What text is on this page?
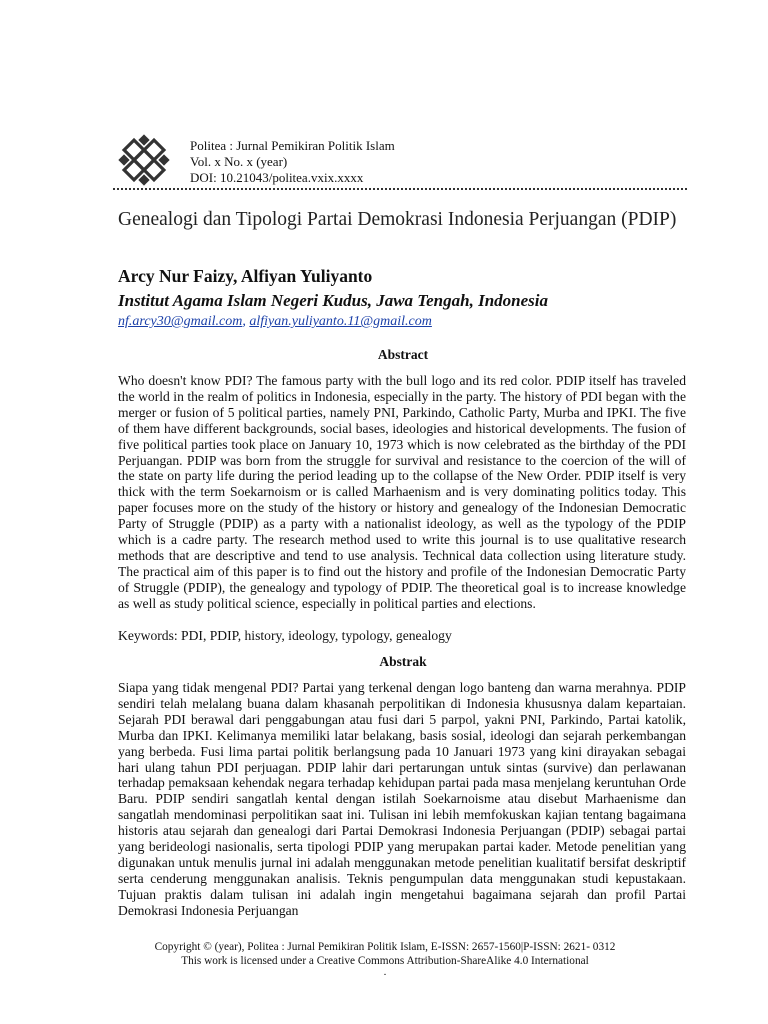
Politea : Jurnal Pemikiran Politik Islam
Vol. x No. x (year)
DOI: 10.21043/politea.vxix.xxxx
Genealogi dan Tipologi Partai Demokrasi Indonesia Perjuangan (PDIP)
Arcy Nur Faizy, Alfiyan Yuliyanto
Institut Agama Islam Negeri Kudus, Jawa Tengah, Indonesia
nf.arcy30@gmail.com, alfiyan.yuliyanto.11@gmail.com
Abstract

Who doesn't know PDI? The famous party with the bull logo and its red color. PDIP itself has traveled the world in the realm of politics in Indonesia, especially in the party. The history of PDI began with the merger or fusion of 5 political parties, namely PNI, Parkindo, Catholic Party, Murba and IPKI. The five of them have different backgrounds, social bases, ideologies and historical developments. The fusion of five political parties took place on January 10, 1973 which is now celebrated as the birthday of the PDI Perjuangan. PDIP was born from the struggle for survival and resistance to the coercion of the will of the state on party life during the period leading up to the collapse of the New Order. PDIP itself is very thick with the term Soekarnoism or is called Marhaenism and is very dominating politics today. This paper focuses more on the study of the history or history and genealogy of the Indonesian Democratic Party of Struggle (PDIP) as a party with a nationalist ideology, as well as the typology of the PDIP which is a cadre party. The research method used to write this journal is to use qualitative research methods that are descriptive and tend to use analysis. Technical data collection using literature study. The practical aim of this paper is to find out the history and profile of the Indonesian Democratic Party of Struggle (PDIP), the genealogy and typology of PDIP. The theoretical goal is to increase knowledge as well as study political science, especially in political parties and elections.

Keywords: PDI, PDIP, history, ideology, typology, genealogy
Abstrak

Siapa yang tidak mengenal PDI? Partai yang terkenal dengan logo banteng dan warna merahnya. PDIP sendiri telah melalang buana dalam khasanah perpolitikan di Indonesia khususnya dalam kepartaian. Sejarah PDI berawal dari penggabungan atau fusi dari 5 parpol, yakni PNI, Parkindo, Partai katolik, Murba dan IPKI. Kelimanya memiliki latar belakang, basis sosial, ideologi dan sejarah perkembangan yang berbeda. Fusi lima partai politik berlangsung pada 10 Januari 1973 yang kini dirayakan sebagai hari ulang tahun PDI perjuagan. PDIP lahir dari pertarungan untuk sintas (survive) dan perlawanan terhadap pemaksaan kehendak negara terhadap kehidupan partai pada masa menjelang keruntuhan Orde Baru. PDIP sendiri sangatlah kental dengan istilah Soekarnoisme atau disebut Marhaenisme dan sangatlah mendominasi perpolitikan saat ini. Tulisan ini lebih memfokuskan kajian tentang bagaimana historis atau sejarah dan genealogi dari Partai Demokrasi Indonesia Perjuangan (PDIP) sebagai partai yang berideologi nasionalis, serta tipologi PDIP yang merupakan partai kader. Metode penelitian yang digunakan untuk menulis jurnal ini adalah menggunakan metode penelitian kualitatif bersifat deskriptif serta cenderung menggunakan analisis. Teknis pengumpulan data menggunakan studi kepustakaan. Tujuan praktis dalam tulisan ini adalah ingin mengetahui bagaimana sejarah dan profil Partai Demokrasi Indonesia Perjuangan

Copyright © (year), Politea : Jurnal Pemikiran Politik Islam, E-ISSN: 2657-1560|P-ISSN: 2621- 0312
This work is licensed under a Creative Commons Attribution-ShareAlike 4.0 International
.
